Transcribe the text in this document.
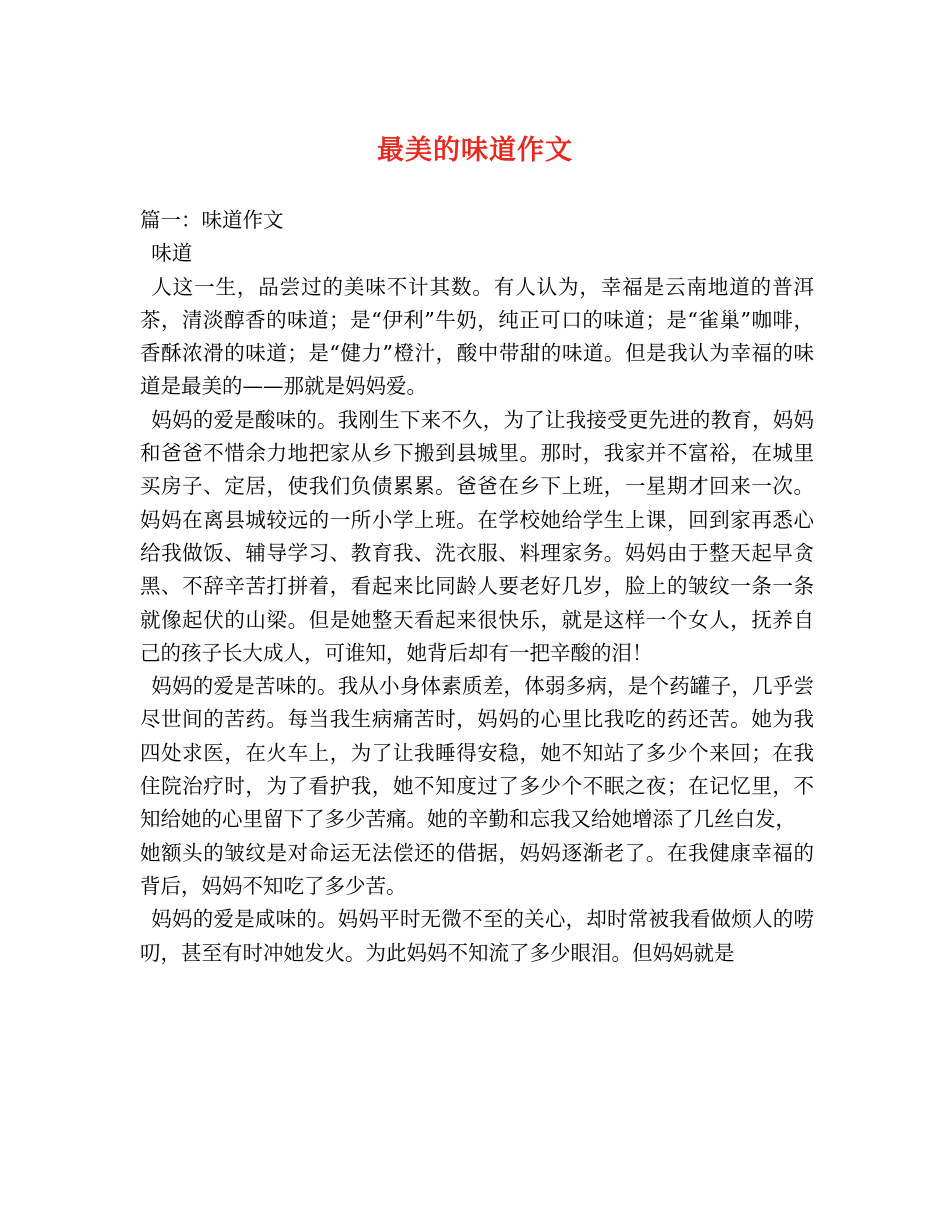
最美的味道作文

篇一：味道作文

味道

人这一生，品尝过的美味不计其数。有人认为，幸福是云南地道的普洱茶，清淡醇香的味道；是“伊利”牛奶，纯正可口的味道；是“雀巢”咖啡，香酥浓滑的味道；是“健力”橙汁，酸中带甜的味道。但是我认为幸福的味道是最美的——那就是妈妈爱。

妈妈的爱是酸味的。我刚生下来不久，为了让我接受更先进的教育，妈妈和爸爸不惜余力地把家从乡下搬到县城里。那时，我家并不富裕，在城里买房子、定居，使我们负债累累。爸爸在乡下上班，一星期才回来一次。妈妈在离县城较远的一所小学上班。在学校她给学生上课，回到家再悉心给我做饭、辅导学习、教育我、洗衣服、料理家务。妈妈由于整天起早贪黑、不辞辛苦打拼着，看起来比同龄人要老好几岁，脸上的皱纹一条一条就像起伏的山梁。但是她整天看起来很快乐，就是这样一个女人，抚养自己的孩子长大成人，可谁知，她背后却有一把辛酸的泪！

妈妈的爱是苦味的。我从小身体素质差，体弱多病，是个药罐子，几乎尝尽世间的苦药。每当我生病痛苦时，妈妈的心里比我吃的药还苦。她为我四处求医，在火车上，为了让我睡得安稳，她不知站了多少个来回；在我住院治疗时，为了看护我，她不知度过了多少个不眠之夜；在记忆里，不知给她的心里留下了多少苦痛。她的辛勤和忘我又给她增添了几丝白发，

她额头的皱纹是对命运无法偿还的借据，妈妈逐渐老了。在我健康幸福的背后，妈妈不知吃了多少苦。

妈妈的爱是咸味的。妈妈平时无微不至的关心，却时常被我看做烦人的唠叨，甚至有时冲她发火。为此妈妈不知流了多少眼泪。但妈妈就是
